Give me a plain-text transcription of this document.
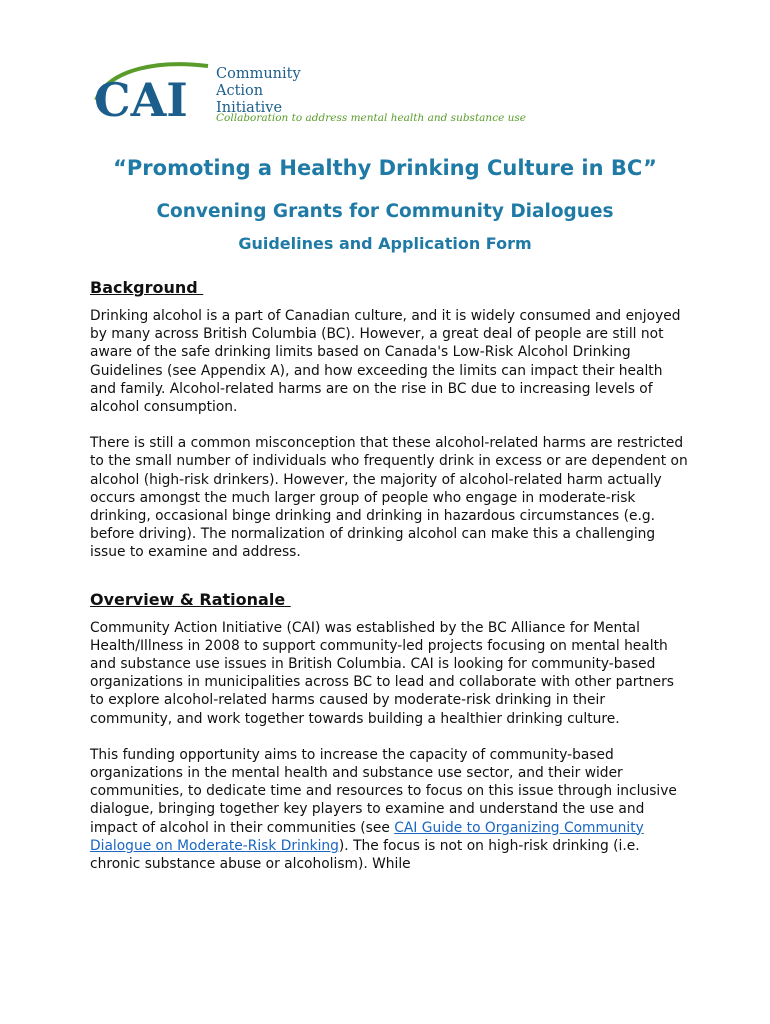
CAI Community
Action
Initiative
Collaboration to address mental health and substance use
“Promoting a Healthy Drinking Culture in BC”
Convening Grants for Community Dialogues
Guidelines and Application Form
Background

Drinking alcohol is a part of Canadian culture, and it is widely consumed and enjoyed by many across British Columbia (BC). However, a great deal of people are still not aware of the safe drinking limits based on Canada's Low-Risk Alcohol Drinking Guidelines (see Appendix A), and how exceeding the limits can impact their health and family. Alcohol-related harms are on the rise in BC due to increasing levels of alcohol consumption.

There is still a common misconception that these alcohol-related harms are restricted to the small number of individuals who frequently drink in excess or are dependent on alcohol (high-risk drinkers). However, the majority of alcohol-related harm actually occurs amongst the much larger group of people who engage in moderate-risk drinking, occasional binge drinking and drinking in hazardous circumstances (e.g. before driving). The normalization of drinking alcohol can make this a challenging issue to examine and address.

Overview & Rationale

Community Action Initiative (CAI) was established by the BC Alliance for Mental Health/Illness in 2008 to support community-led projects focusing on mental health and substance use issues in British Columbia. CAI is looking for community-based organizations in municipalities across BC to lead and collaborate with other partners to explore alcohol-related harms caused by moderate-risk drinking in their community, and work together towards building a healthier drinking culture.

This funding opportunity aims to increase the capacity of community-based organizations in the mental health and substance use sector, and their wider communities, to dedicate time and resources to focus on this issue through inclusive dialogue, bringing together key players to examine and understand the use and impact of alcohol in their communities (see CAI Guide to Organizing Community Dialogue on Moderate-Risk Drinking). The focus is not on high-risk drinking (i.e. chronic substance abuse or alcoholism). While
